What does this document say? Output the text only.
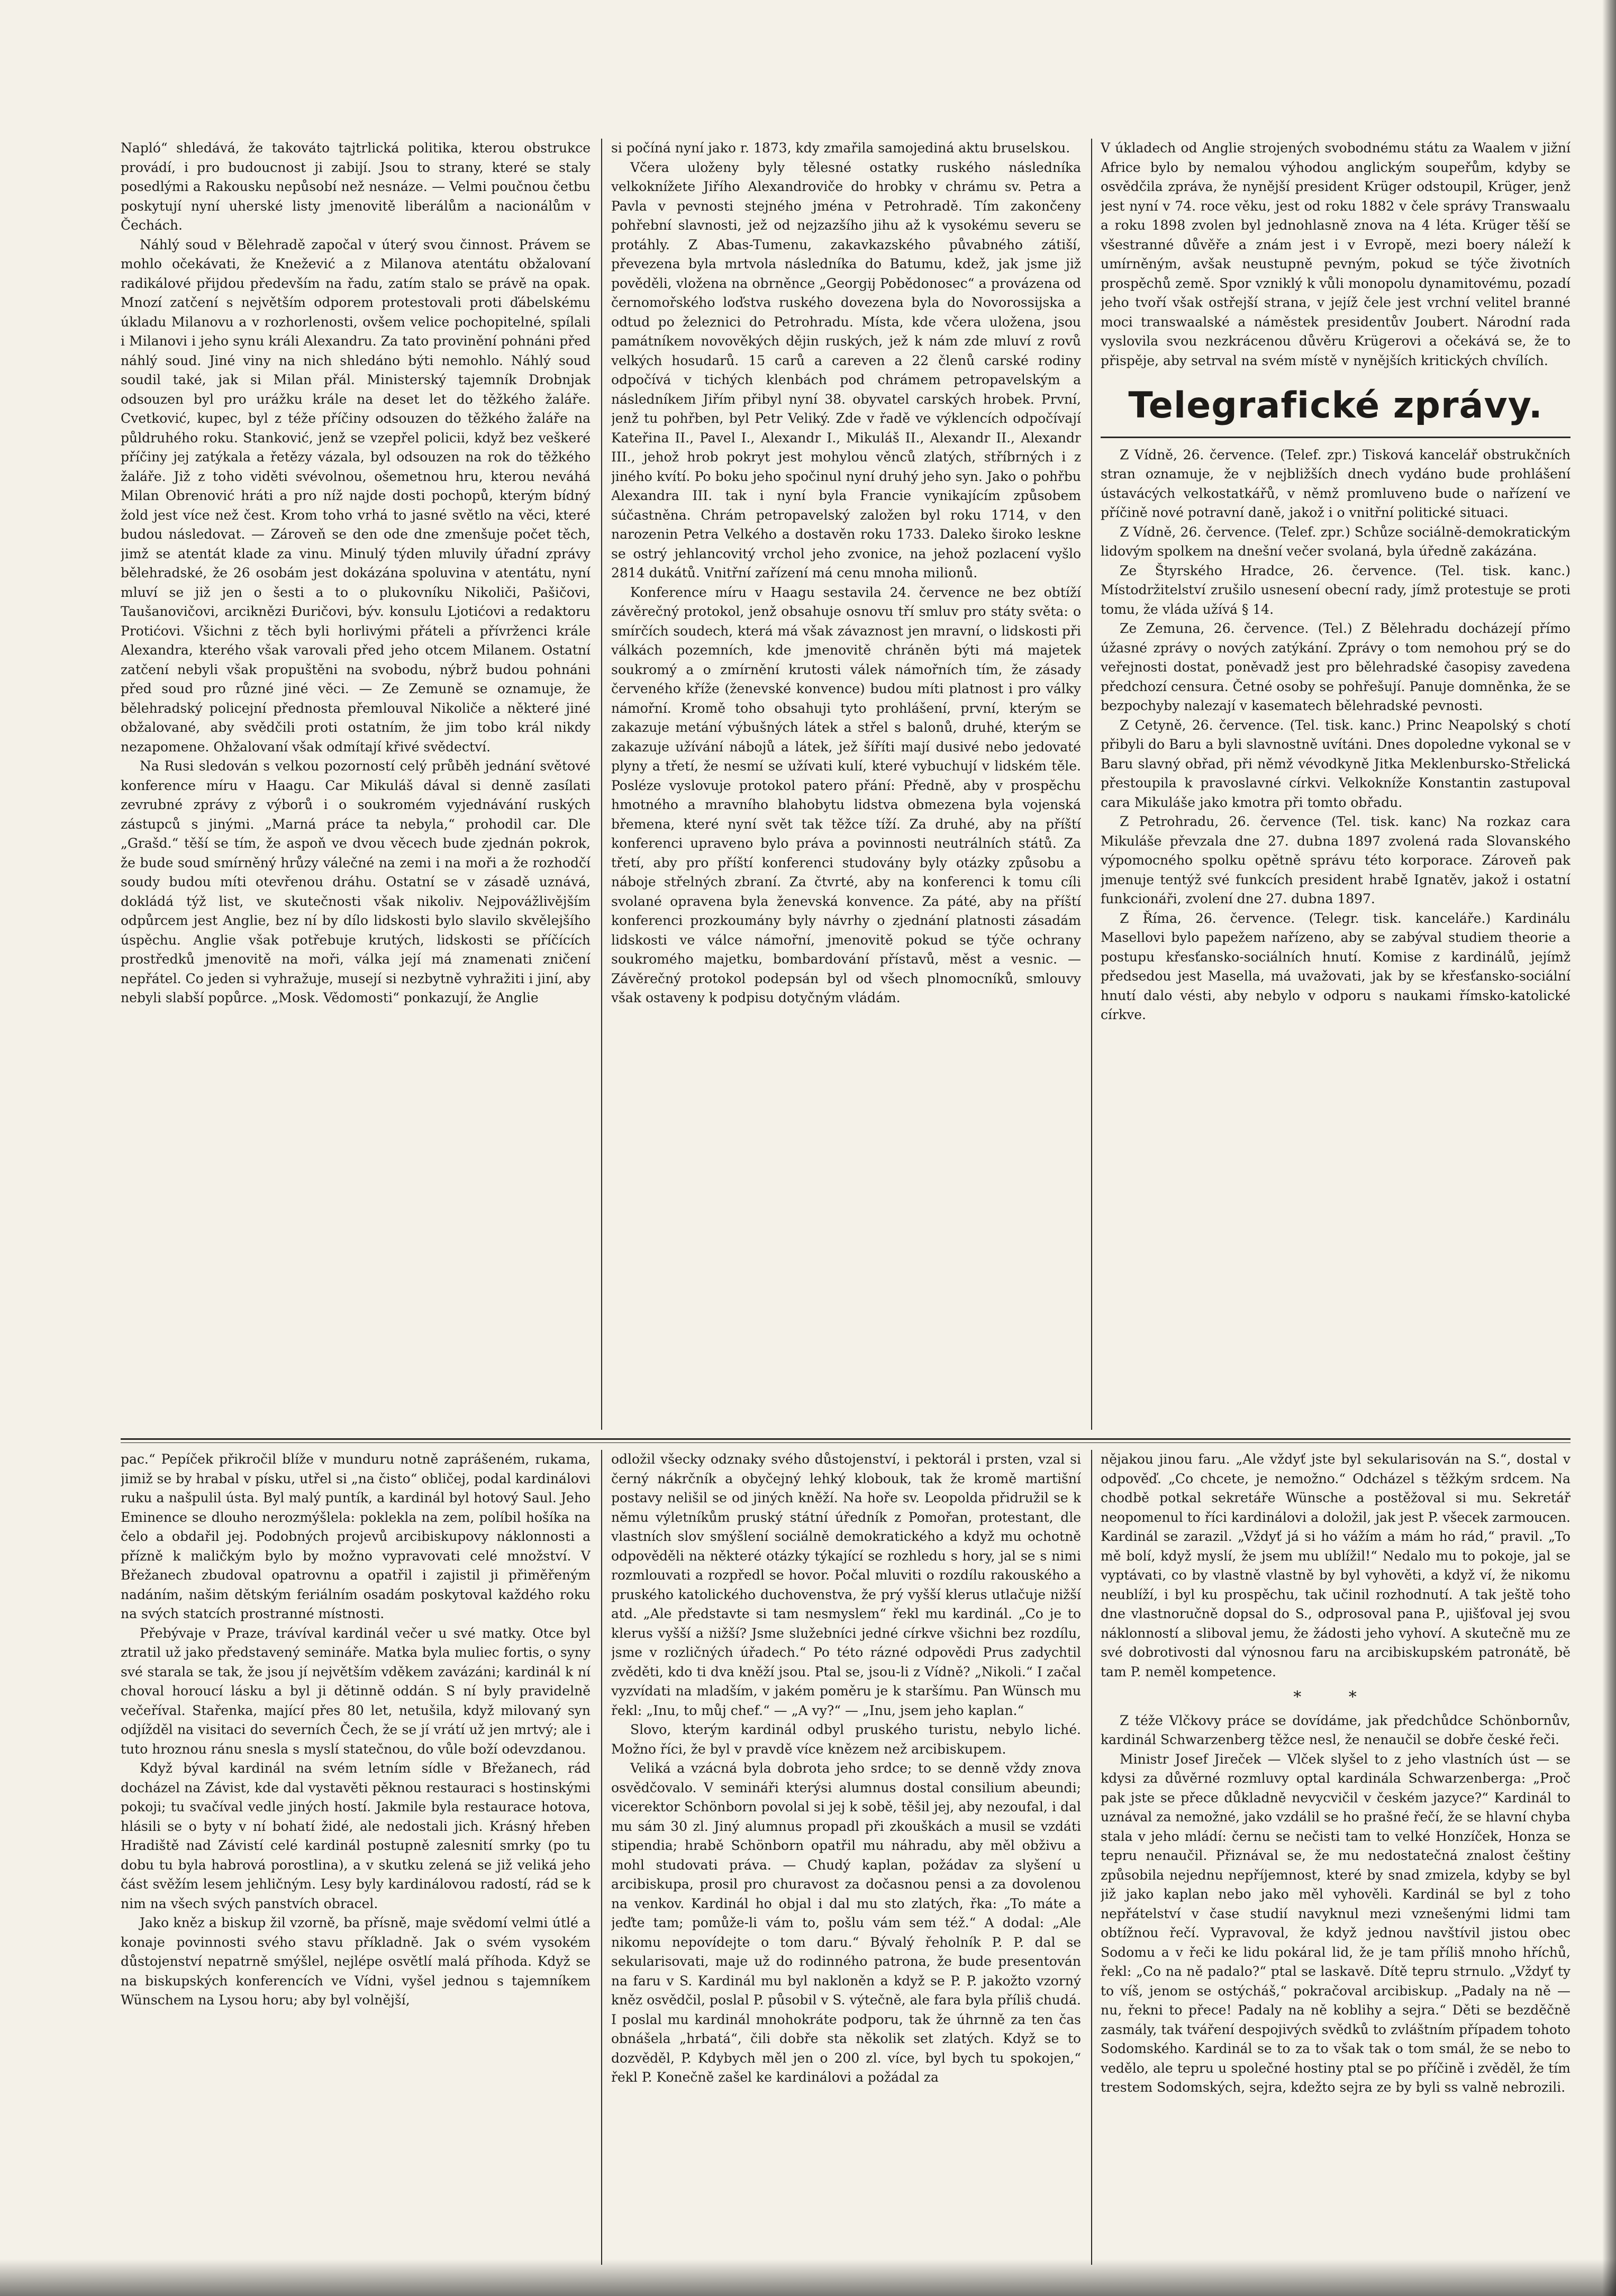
Napló“ shledává, že takováto tajtrlická politika, kterou obstrukce provádí, i pro budoucnost ji zabijí. Jsou to strany, které se staly posedlými a Rakousku nepůsobí než nesnáze. — Velmi poučnou četbu poskytují nyní uherské listy jmenovitě liberálům a nacionálům v Čechách.

Náhlý soud v Bělehradě započal v úterý svou činnost. Právem se mohlo očekávati, že Knežević a z Milanova atentátu obžalovaní radikálové přijdou především na řadu, zatím stalo se právě na opak. Mnozí zatčení s největším odporem protestovali proti ďábelskému úkladu Milanovu a v rozhorlenosti, ovšem velice pochopitelné, spílali i Milanovi i jeho synu králi Alexandru. Za tato provinění pohnáni před náhlý soud. Jiné viny na nich shledáno býti nemohlo. Náhlý soud soudil také, jak si Milan přál. Ministerský tajemník Drobnjak odsouzen byl pro urážku krále na deset let do těžkého žaláře. Cvetković, kupec, byl z téže příčiny odsouzen do těžkého žaláře na půldruhého roku. Stanković, jenž se vzepřel policii, když bez veškeré příčiny jej zatýkala a řetězy vázala, byl odsouzen na rok do těžkého žaláře. Již z toho viděti svévolnou, ošemetnou hru, kterou neváhá Milan Obrenović hráti a pro níž najde dosti pochopů, kterým bídný žold jest více než čest. Krom toho vrhá to jasné světlo na věci, které budou následovat. — Zároveň se den ode dne zmenšuje počet těch, jimž se atentát klade za vinu. Minulý týden mluvily úřadní zprávy bělehradské, že 26 osobám jest dokázána spoluvina v atentátu, nyní mluví se již jen o šesti a to o plukovníku Nikoliči, Pašičovi, Taušanovičovi, arciknězi Đuričovi, býv. konsulu Ljotićovi a redaktoru Protićovi. Všichni z těch byli horlivými přáteli a přívrženci krále Alexandra, kterého však varovali před jeho otcem Milanem. Ostatní zatčení nebyli však propuštěni na svobodu, nýbrž budou pohnáni před soud pro různé jiné věci. — Ze Zemuně se oznamuje, že bělehradský policejní přednosta přemlouval Nikoliče a některé jiné obžalované, aby svědčili proti ostatním, že jim tobo král nikdy nezapomene. Ohžalovaní však odmítají křivé svědectví.

Na Rusi sledován s velkou pozorností celý průběh jednání světové konference míru v Haagu. Car Mikuláš dával si denně zasílati zevrubné zprávy z výborů i o soukromém vyjednávání ruských zástupců s jinými. „Marná práce ta nebyla,“ prohodil car. Dle „Grašd.“ těší se tím, že aspoň ve dvou věcech bude zjednán pokrok, že bude soud smírněný hrůzy válečné na zemi i na moři a že rozhodčí soudy budou míti otevřenou dráhu. Ostatní se v zásadě uznává, dokládá týž list, ve skutečnosti však nikoliv. Nejpovážlivějším odpůrcem jest Anglie, bez ní by dílo lidskosti bylo slavilo skvělejšího úspěchu. Anglie však potřebuje krutých, lidskosti se příčících prostředků jmenovitě na moři, válka její má znamenati zničení nepřátel. Co jeden si vyhražuje, musejí si nezbytně vyhražiti i jiní, aby nebyli slabší popůrce. „Mosk. Vědomosti“ ponkazují, že Anglie

si počíná nyní jako r. 1873, kdy zmařila samojediná aktu bruselskou.

Včera uloženy byly tělesné ostatky ruského následníka velkoknížete Jiřího Alexandroviče do hrobky v chrámu sv. Petra a Pavla v pevnosti stejného jména v Petrohradě. Tím zakončeny pohřební slavnosti, jež od nejzazšího jihu až k vysokému severu se protáhly. Z Abas-Tumenu, zakavkazského půvabného zátiší, převezena byla mrtvola následníka do Batumu, kdež, jak jsme již pověděli, vložena na obrněnce „Georgij Pobědonosec“ a provázena od černomořského loďstva ruského dovezena byla do Novorossijska a odtud po železnici do Petrohradu. Místa, kde včera uložena, jsou památníkem novověkých dějin ruských, jež k nám zde mluví z rovů velkých hosudarů. 15 carů a careven a 22 členů carské rodiny odpočívá v tichých klenbách pod chrámem petropavelským a následníkem Jiřím přibyl nyní 38. obyvatel carských hrobek. První, jenž tu pohřben, byl Petr Veliký. Zde v řadě ve výklencích odpočívají Kateřina II., Pavel I., Alexandr I., Mikuláš II., Alexandr II., Alexandr III., jehož hrob pokryt jest mohylou věnců zlatých, stříbrných i z jiného kvítí. Po boku jeho spočinul nyní druhý jeho syn. Jako o pohřbu Alexandra III. tak i nyní byla Francie vynikajícím způsobem súčastněna. Chrám petropavelský založen byl roku 1714, v den narozenin Petra Velkého a dostavěn roku 1733. Daleko široko leskne se ostrý jehlancovitý vrchol jeho zvonice, na jehož pozlacení vyšlo 2814 dukátů. Vnitřní zařízení má cenu mnoha milionů.

Konference míru v Haagu sestavila 24. července ne bez obtíží závěrečný protokol, jenž obsahuje osnovu tří smluv pro státy světa: o smírčích soudech, která má však závaznost jen mravní, o lidskosti při válkách pozemních, kde jmenovitě chráněn býti má majetek soukromý a o zmírnění krutosti válek námořních tím, že zásady červeného kříže (ženevské konvence) budou míti platnost i pro války námořní. Kromě toho obsahuji tyto prohlášení, první, kterým se zakazuje metání výbušných látek a střel s balonů, druhé, kterým se zakazuje užívání nábojů a látek, jež šíříti mají dusivé nebo jedovaté plyny a třetí, že nesmí se užívati kulí, které vybuchují v lidském těle. Posléze vyslovuje protokol patero přání: Předně, aby v prospěchu hmotného a mravního blahobytu lidstva obmezena byla vojenská břemena, které nyní svět tak těžce tíží. Za druhé, aby na příští konferenci upraveno bylo práva a povinnosti neutrálních států. Za třetí, aby pro příští konferenci studovány byly otázky způsobu a náboje střelných zbraní. Za čtvrté, aby na konferenci k tomu cíli svolané opravena byla ženevská konvence. Za páté, aby na příští konferenci prozkoumány byly návrhy o zjednání platnosti zásadám lidskosti ve válce námořní, jmenovitě pokud se týče ochrany soukromého majetku, bombardování přístavů, měst a vesnic. — Závěrečný protokol podepsán byl od všech plnomocníků, smlouvy však ostaveny k podpisu dotyčným vládám.

V úkladech od Anglie strojených svobodnému státu za Waalem v jižní Africe bylo by nemalou výhodou anglickým soupeřům, kdyby se osvědčila zpráva, že nynější president Krüger odstoupil, Krüger, jenž jest nyní v 74. roce věku, jest od roku 1882 v čele správy Transwaalu a roku 1898 zvolen byl jednohlasně znova na 4 léta. Krüger těší se všestranné důvěře a znám jest i v Evropě, mezi boery náleží k umírněným, avšak neustupně pevným, pokud se týče životních prospěchů země. Spor vzniklý k vůli monopolu dynamitovému, pozadí jeho tvoří však ostřejší strana, v jejíž čele jest vrchní velitel branné moci transwaalské a náměstek presidentův Joubert. Národní rada vyslovila svou nezkrácenou důvěru Krügerovi a očekává se, že to přispěje, aby setrval na svém místě v nynějších kritických chvílích.

Telegrafické zprávy.

Z Vídně, 26. července. (Telef. zpr.) Tisková kancelář obstrukčních stran oznamuje, že v nejbližších dnech vydáno bude prohlášení ústavácých velkostatkářů, v němž promluveno bude o nařízení ve příčině nové potravní daně, jakož i o vnitřní politické situaci.

Z Vídně, 26. července. (Telef. zpr.) Schůze sociálně-demokratickým lidovým spolkem na dnešní večer svolaná, byla úředně zakázána.

Ze Štyrského Hradce, 26. července. (Tel. tisk. kanc.) Místodržitelství zrušilo usnesení obecní rady, jímž protestuje se proti tomu, že vláda užívá § 14.

Ze Zemuna, 26. července. (Tel.) Z Bělehradu docházejí přímo úžasné zprávy o nových zatýkání. Zprávy o tom nemohou prý se do veřejnosti dostat, poněvadž jest pro bělehradské časopisy zavedena předchozí censura. Četné osoby se pohřešují. Panuje domněnka, že se bezpochyby nalezají v kasematech bělehradské pevnosti.

Z Cetyně, 26. července. (Tel. tisk. kanc.) Princ Neapolský s chotí přibyli do Baru a byli slavnostně uvítáni. Dnes dopoledne vykonal se v Baru slavný obřad, při němž vévodkyně Jitka Meklenbursko-Střelická přestoupila k pravoslavné církvi. Velkokníže Konstantin zastupoval cara Mikuláše jako kmotra při tomto obřadu.

Z Petrohradu, 26. července (Tel. tisk. kanc) Na rozkaz cara Mikuláše převzala dne 27. dubna 1897 zvolená rada Slovanského výpomocného spolku opětně správu této korporace. Zároveň pak jmenuje tentýž své funkcích president hrabě Ignatěv, jakož i ostatní funkcionáři, zvolení dne 27. dubna 1897.

Z Říma, 26. července. (Telegr. tisk. kanceláře.) Kardinálu Masellovi bylo papežem nařízeno, aby se zabýval studiem theorie a postupu křesťansko-sociálních hnutí. Komise z kardinálů, jejímž předsedou jest Masella, má uvažovati, jak by se křesťansko-sociální hnutí dalo vésti, aby nebylo v odporu s naukami římsko-katolické církve.

pac.“ Pepíček přikročil blíže v munduru notně zaprášeném, rukama, jimiž se by hrabal v písku, utřel si „na čisto“ obličej, podal kardinálovi ruku a našpulil ústa. Byl malý puntík, a kardinál byl hotový Saul. Jeho Eminence se dlouho nerozmýšlela: poklekla na zem, políbil hošíka na čelo a obdařil jej. Podobných projevů arcibiskupovy náklonnosti a přízně k maličkým bylo by možno vypravovati celé množství. V Břežanech zbudoval opatrovnu a opatřil i zajistil ji přiměřeným nadáním, našim dětským feriálním osadám poskytoval každého roku na svých statcích prostranné místnosti.

Přebývaje v Praze, trávíval kardinál večer u své matky. Otce byl ztratil už jako představený semináře. Matka byla muliec fortis, o syny své starala se tak, že jsou jí největším vděkem zavázáni; kardinál k ní choval horoucí lásku a byl ji dětinně oddán. S ní byly pravidelně večeříval. Stařenka, mající přes 80 let, netušila, když milovaný syn odjížděl na visitaci do severních Čech, že se jí vrátí už jen mrtvý; ale i tuto hroznou ránu snesla s myslí statečnou, do vůle boží odevzdanou.

Když býval kardinál na svém letním sídle v Břežanech, rád docházel na Závist, kde dal vystavěti pěknou restauraci s hostinskými pokoji; tu svačíval vedle jiných hostí. Jakmile byla restaurace hotova, hlásili se o byty v ní bohatí židé, ale nedostali jich. Krásný hřeben Hradiště nad Závistí celé kardinál postupně zalesnití smrky (po tu dobu tu byla habrová porostlina), a v skutku zelená se již veliká jeho část svěžím lesem jehličným. Lesy byly kardinálovou radostí, rád se k nim na všech svých panstvích obracel.

Jako kněz a biskup žil vzorně, ba přísně, maje svědomí velmi útlé a konaje povinnosti svého stavu příkladně. Jak o svém vysokém důstojenství nepatrně smýšlel, nejlépe osvětlí malá příhoda. Když se na biskupských konferencích ve Vídni, vyšel jednou s tajemníkem Wünschem na Lysou horu; aby byl volnější,

odložil všecky odznaky svého důstojenství, i pektorál i prsten, vzal si černý nákrčník a obyčejný lehký klobouk, tak že kromě martišní postavy nelišil se od jiných kněží. Na hoře sv. Leopolda přidružil se k němu výletníkům pruský státní úředník z Pomořan, protestant, dle vlastních slov smýšlení sociálně demokratického a když mu ochotně odpověděli na některé otázky týkající se rozhledu s hory, jal se s nimi rozmlouvati a rozpředl se hovor. Počal mluviti o rozdílu rakouského a pruského katolického duchovenstva, že prý vyšší klerus utlačuje nižší atd. „Ale představte si tam nesmyslem“ řekl mu kardinál. „Co je to klerus vyšší a nižší? Jsme služebníci jedné církve všichni bez rozdílu, jsme v rozličných úřadech.“ Po této rázné odpovědi Prus zadychtil zvěděti, kdo ti dva kněží jsou. Ptal se, jsou-li z Vídně? „Nikoli.“ I začal vyzvídati na mladším, v jakém poměru je k staršímu. Pan Wünsch mu řekl: „Inu, to můj chef.“ — „A vy?“ — „Inu, jsem jeho kaplan.“

Slovo, kterým kardinál odbyl pruského turistu, nebylo liché. Možno říci, že byl v pravdě více knězem než arcibiskupem.

Veliká a vzácná byla dobrota jeho srdce; to se denně vždy znova osvědčovalo. V semináři kterýsi alumnus dostal consilium abeundi; vicerektor Schönborn povolal si jej k sobě, těšil jej, aby nezoufal, i dal mu sám 30 zl. Jiný alumnus propadl při zkouškách a musil se vzdáti stipendia; hrabě Schönborn opatřil mu náhradu, aby měl obživu a mohl studovati práva. — Chudý kaplan, požádav za slyšení u arcibiskupa, prosil pro churavost za dočasnou pensi a za dovolenou na venkov. Kardinál ho objal i dal mu sto zlatých, řka: „To máte a jeďte tam; pomůže-li vám to, pošlu vám sem též.“ A dodal: „Ale nikomu nepovídejte o tom daru.“ Bývalý řeholník P. P. dal se sekularisovati, maje už do rodinného patrona, že bude presentován na faru v S. Kardinál mu byl nakloněn a když se P. P. jakožto vzorný kněz osvědčil, poslal P. působil v S. výtečně, ale fara byla příliš chudá. I poslal mu kardinál mnohokráte podporu, tak že úhrnně za ten čas obnášela „hrbatá“, čili dobře sta několik set zlatých. Když se to dozvěděl, P. Kdybych měl jen o 200 zl. více, byl bych tu spokojen,“ řekl P. Konečně zašel ke kardinálovi a požádal za

nějakou jinou faru. „Ale vždyť jste byl sekularisován na S.“, dostal v odpověď. „Co chcete, je nemožno.“ Odcházel s těžkým srdcem. Na chodbě potkal sekretáře Wünsche a postěžoval si mu. Sekretář neopomenul to říci kardinálovi a doložil, jak jest P. všecek zarmoucen. Kardinál se zarazil. „Vždyť já si ho vážím a mám ho rád,“ pravil. „To mě bolí, když myslí, že jsem mu ublížil!“ Nedalo mu to pokoje, jal se vyptávati, co by vlastně vlastně by byl vyhověti, a když ví, že nikomu neublíží, i byl ku prospěchu, tak učinil rozhodnutí. A tak ještě toho dne vlastnoručně dopsal do S., odprosoval pana P., ujišťoval jej svou náklonností a sliboval jemu, že žádosti jeho vyhoví. A skutečně mu ze své dobrotivosti dal výnosnou faru na arcibiskupském patronátě, bě tam P. neměl kompetence.

* *

Z téže Vlčkovy práce se dovídáme, jak předchůdce Schönbornův, kardinál Schwarzenberg těžce nesl, že nenaučil se dobře české řeči.

Ministr Josef Jireček — Vlček slyšel to z jeho vlastních úst — se kdysi za důvěrné rozmluvy optal kardinála Schwarzenberga: „Proč pak jste se přece důkladně nevycvičil v českém jazyce?“ Kardinál to uznával za nemožné, jako vzdálil se ho prašné řečí, že se hlavní chyba stala v jeho mládí: černu se nečisti tam to velké Honzíček, Honza se tepru nenaučil. Přiznával se, že mu nedostatečná znalost češtiny způsobila nejednu nepříjemnost, které by snad zmizela, kdyby se byl již jako kaplan nebo jako měl vyhověli. Kardinál se byl z toho nepřátelství v čase studií navyknul mezi vznešenými lidmi tam obtížnou řečí. Vypravoval, že když jednou navštívil jistou obec Sodomu a v řeči ke lidu pokáral lid, že je tam příliš mnoho hříchů, řekl: „Co na ně padalo?“ ptal se laskavě. Dítě tepru strnulo. „Vždyť ty to víš, jenom se ostýcháš,“ pokračoval arcibiskup. „Padaly na ně — nu, řekni to přece! Padaly na ně koblihy a sejra.“ Děti se bezděčně zasmály, tak tváření despojivých svědků to zvláštním případem tohoto Sodomského. Kardinál se to za to však tak o tom smál, že se nebo to vedělo, ale tepru u společné hostiny ptal se po příčině i zvěděl, že tím trestem Sodomských, sejra, kdežto sejra ze by byli ss valně nebrozili.
